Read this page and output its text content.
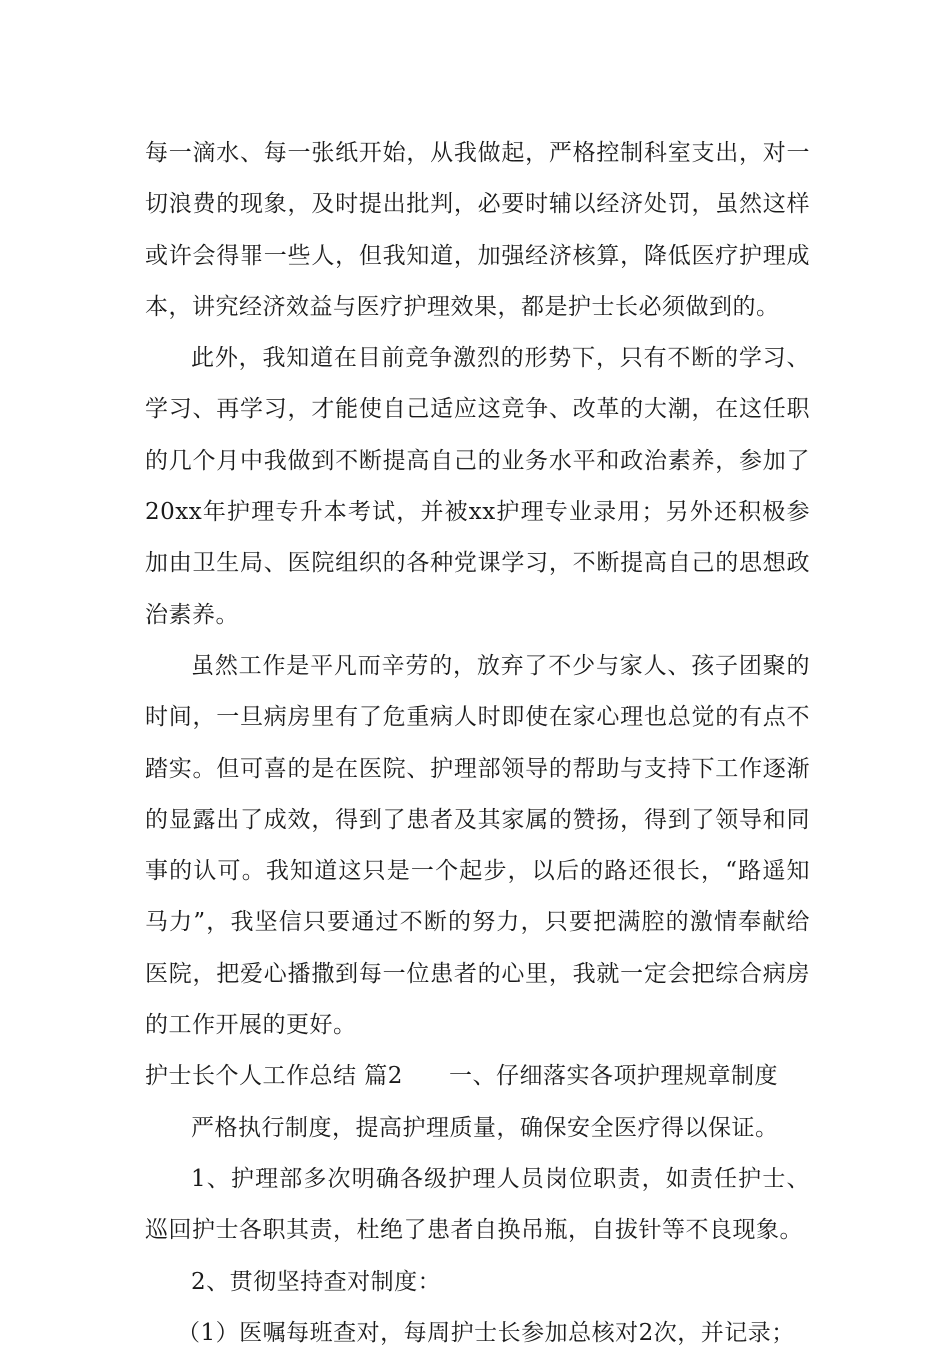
每一滴水、每一张纸开始，从我做起，严格控制科室支出，对一切浪费的现象，及时提出批判，必要时辅以经济处罚，虽然这样或许会得罪一些人，但我知道，加强经济核算，降低医疗护理成本，讲究经济效益与医疗护理效果，都是护士长必须做到的。

此外，我知道在目前竞争激烈的形势下，只有不断的学习、学习、再学习，才能使自己适应这竞争、改革的大潮，在这任职的几个月中我做到不断提高自己的业务水平和政治素养，参加了20xx年护理专升本考试，并被xx护理专业录用；另外还积极参加由卫生局、医院组织的各种党课学习，不断提高自己的思想政治素养。

虽然工作是平凡而辛劳的，放弃了不少与家人、孩子团聚的时间，一旦病房里有了危重病人时即使在家心理也总觉的有点不踏实。但可喜的是在医院、护理部领导的帮助与支持下工作逐渐的显露出了成效，得到了患者及其家属的赞扬，得到了领导和同事的认可。我知道这只是一个起步，以后的路还很长，“路遥知马力”，我坚信只要通过不断的努力，只要把满腔的激情奉献给医院，把爱心播撒到每一位患者的心里，我就一定会把综合病房的工作开展的更好。

护士长个人工作总结 篇2 一、仔细落实各项护理规章制度

严格执行制度，提高护理质量，确保安全医疗得以保证。

1、护理部多次明确各级护理人员岗位职责，如责任护士、巡回护士各职其责，杜绝了患者自换吊瓶，自拔针等不良现象。

2、贯彻坚持查对制度：

（1）医嘱每班查对，每周护士长参加总核对2次，并记录；
